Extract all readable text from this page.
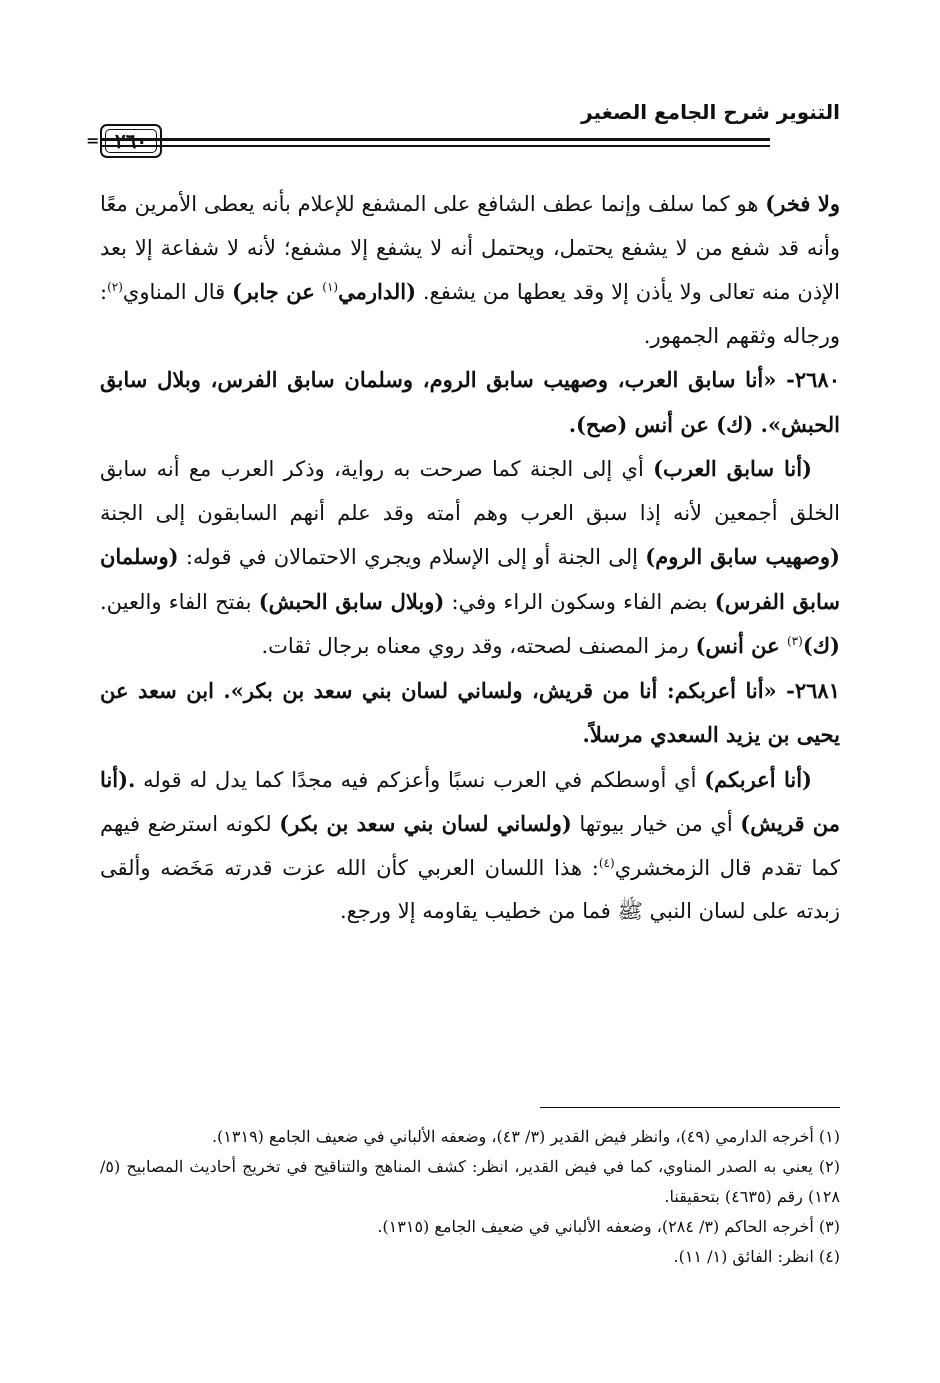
التنوير شرح الجامع الصغير
= ٢٦٠

ولا فخر) هو كما سلف وإنما عطف الشافع على المشفع للإعلام بأنه يعطى الأمرين معًا وأنه قد شفع من لا يشفع يحتمل، ويحتمل أنه لا يشفع إلا مشفع؛ لأنه لا شفاعة إلا بعد الإذن منه تعالى ولا يأذن إلا وقد يعطها من يشفع. (الدارمي$^{(١)}$ عن جابر) قال المناوي$^{(٢)}$: ورجاله وثقهم الجمهور.

٢٦٨٠- «أنا سابق العرب، وصهيب سابق الروم، وسلمان سابق الفرس، وبلال سابق الحبش». (ك) عن أنس (صح).

(أنا سابق العرب) أي إلى الجنة كما صرحت به رواية، وذكر العرب مع أنه سابق الخلق أجمعين لأنه إذا سبق العرب وهم أمته وقد علم أنهم السابقون إلى الجنة (وصهيب سابق الروم) إلى الجنة أو إلى الإسلام ويجري الاحتمالان في قوله: (وسلمان سابق الفرس) بضم الفاء وسكون الراء وفي: (وبلال سابق الحبش) بفتح الفاء والعين. (ك)$^{(٣)}$ عن أنس) رمز المصنف لصحته، وقد روي معناه برجال ثقات.

٢٦٨١- «أنا أعربكم: أنا من قريش، ولساني لسان بني سعد بن بكر». ابن سعد عن يحيى بن يزيد السعدي مرسلاً.

(أنا أعربكم) أي أوسطكم في العرب نسبًا وأعزكم فيه مجدًا كما يدل له قوله .(أنا من قريش) أي من خيار بيوتها (ولساني لسان بني سعد بن بكر) لكونه استرضع فيهم كما تقدم قال الزمخشري$^{(٤)}$: هذا اللسان العربي كأن الله عزت قدرته مَخَضه وألقى زبدته على لسان النبي ﷺ فما من خطيب يقاومه إلا ورجع.

(١) أخرجه الدارمي (٤٩)، وانظر فيض القدير (٣/ ٤٣)، وضعفه الألباني في ضعيف الجامع (١٣١٩).

(٢) يعني به الصدر المناوي، كما في فيض القدير، انظر: كشف المناهج والتناقيح في تخريج أحاديث المصابيح (٥/ ١٢٨) رقم (٤٦٣٥) بتحقيقنا.

(٣) أخرجه الحاكم (٣/ ٢٨٤)، وضعفه الألباني في ضعيف الجامع (١٣١٥).

(٤) انظر: الفائق (١/ ١١).
